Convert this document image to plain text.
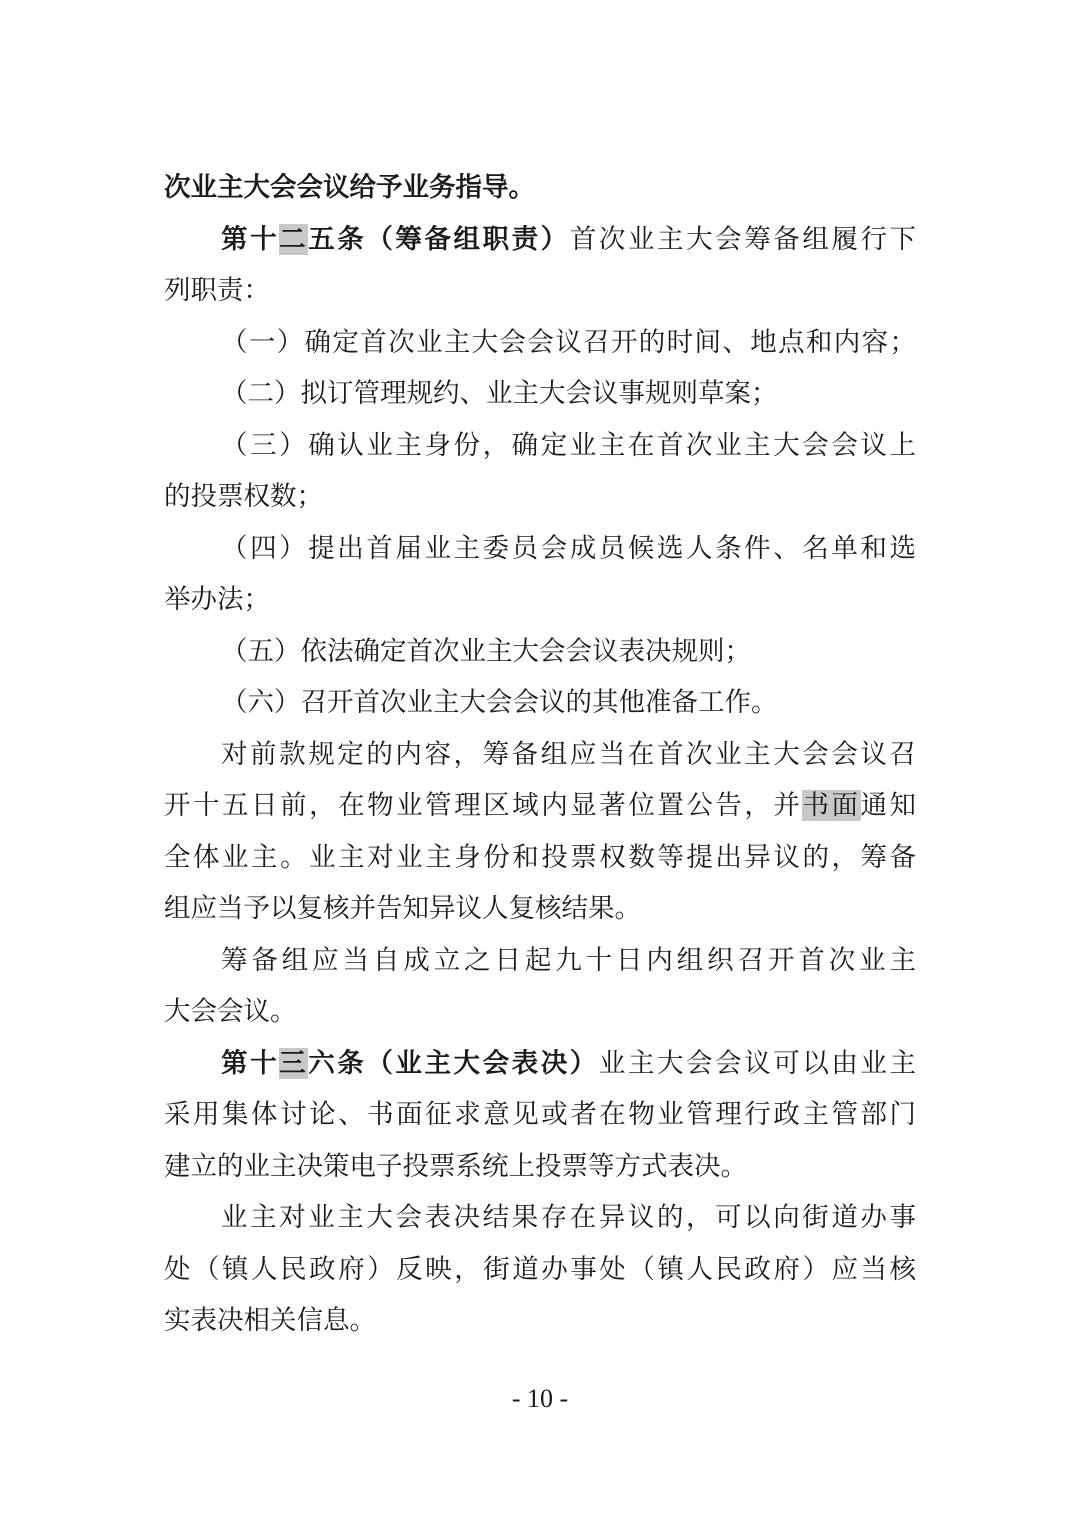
次业主大会会议给予业务指导。
第十二五条（筹备组职责）首次业主大会筹备组履行下
列职责：
（一）确定首次业主大会会议召开的时间、地点和内容；
（二）拟订管理规约、业主大会议事规则草案；
（三）确认业主身份，确定业主在首次业主大会会议上
的投票权数；
（四）提出首届业主委员会成员候选人条件、名单和选
举办法；
（五）依法确定首次业主大会会议表决规则；
（六）召开首次业主大会会议的其他准备工作。
对前款规定的内容，筹备组应当在首次业主大会会议召
开十五日前，在物业管理区域内显著位置公告，并书面通知
全体业主。业主对业主身份和投票权数等提出异议的，筹备
组应当予以复核并告知异议人复核结果。
筹备组应当自成立之日起九十日内组织召开首次业主
大会会议。
第十三六条（业主大会表决）业主大会会议可以由业主
采用集体讨论、书面征求意见或者在物业管理行政主管部门
建立的业主决策电子投票系统上投票等方式表决。
业主对业主大会表决结果存在异议的，可以向街道办事
处（镇人民政府）反映，街道办事处（镇人民政府）应当核
实表决相关信息。
- 10 -
